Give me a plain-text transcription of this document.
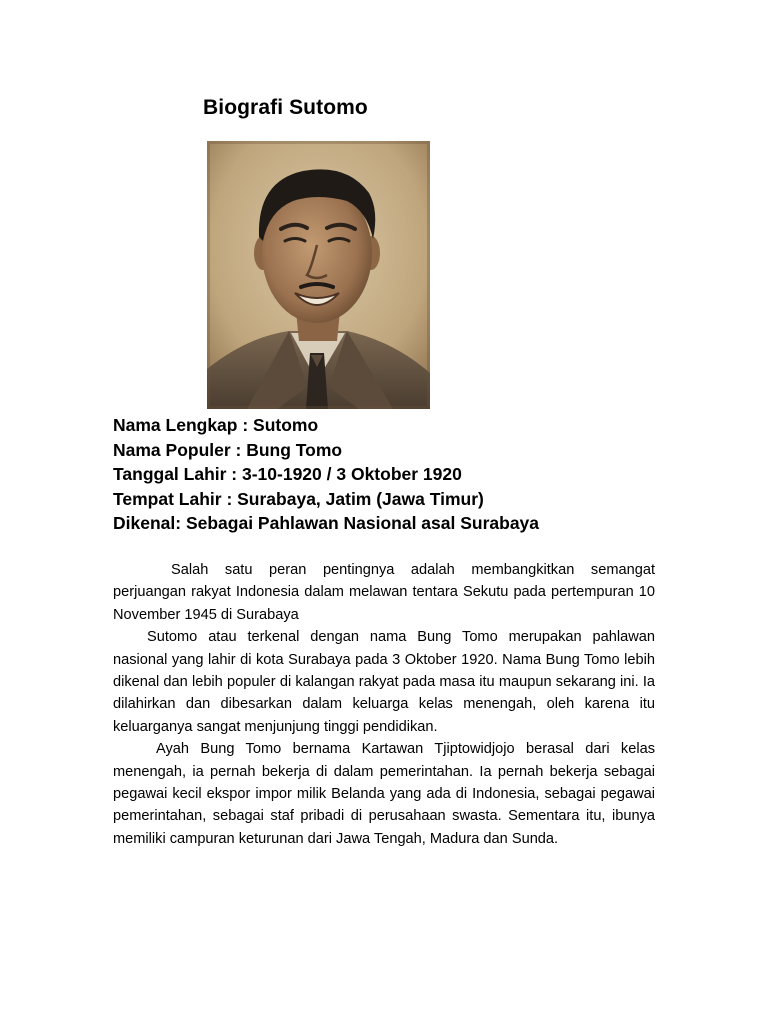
Biografi Sutomo
Nama Lengkap : Sutomo
Nama Populer : Bung Tomo
Tanggal Lahir : 3-10-1920 / 3 Oktober 1920
Tempat Lahir : Surabaya, Jatim (Jawa Timur)
Dikenal: Sebagai Pahlawan Nasional asal Surabaya

Salah satu peran pentingnya adalah membangkitkan semangat perjuangan rakyat Indonesia dalam melawan tentara Sekutu pada pertempuran 10 November 1945 di Surabaya

Sutomo atau terkenal dengan nama Bung Tomo merupakan pahlawan nasional yang lahir di kota Surabaya pada 3 Oktober 1920. Nama Bung Tomo lebih dikenal dan lebih populer di kalangan rakyat pada masa itu maupun sekarang ini. Ia dilahirkan dan dibesarkan dalam keluarga kelas menengah, oleh karena itu keluarganya sangat menjunjung tinggi pendidikan.

Ayah Bung Tomo bernama Kartawan Tjiptowidjojo berasal dari kelas menengah, ia pernah bekerja di dalam pemerintahan. Ia pernah bekerja sebagai pegawai kecil ekspor impor milik Belanda yang ada di Indonesia, sebagai pegawai pemerintahan, sebagai staf pribadi di perusahaan swasta. Sementara itu, ibunya memiliki campuran keturunan dari Jawa Tengah, Madura dan Sunda.
